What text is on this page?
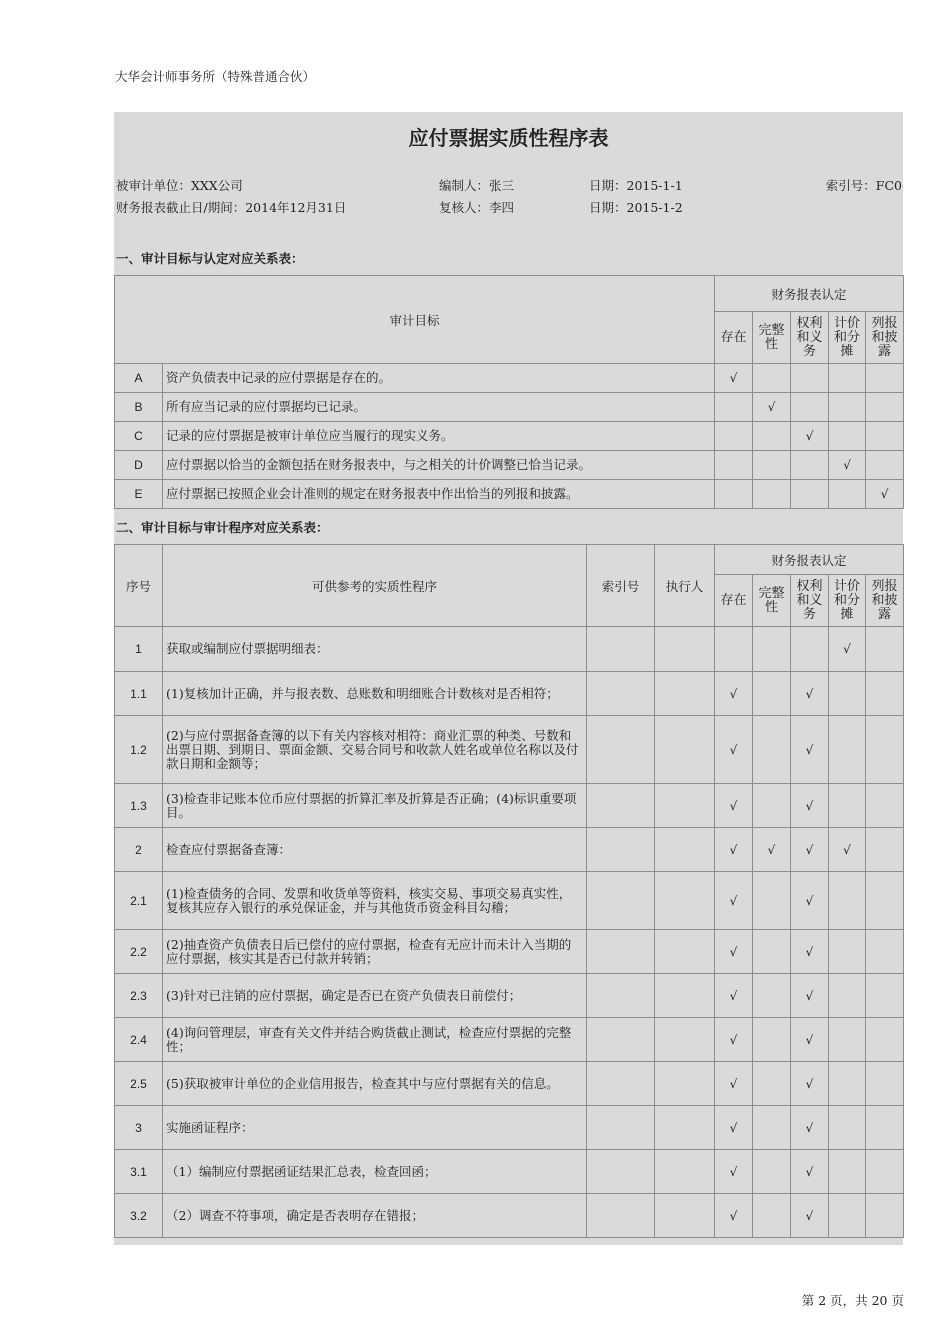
大华会计师事务所（特殊普通合伙）
应付票据实质性程序表
被审计单位：XXX公司
财务报表截止日/期间：2014年12月31日
编制人：张三
复核人：李四
日期：2015-1-1
日期：2015-1-2
索引号：FC0
一、审计目标与认定对应关系表：
审计目标		财务报表认定				
		存在	完整性	权利和义务	计价和分摊	列报和披露
A	资产负债表中记录的应付票据是存在的。	√				
B	所有应当记录的应付票据均已记录。		√			
C	记录的应付票据是被审计单位应当履行的现实义务。			√		
D	应付票据以恰当的金额包括在财务报表中，与之相关的计价调整已恰当记录。				√	
E	应付票据已按照企业会计准则的规定在财务报表中作出恰当的列报和披露。					√
二、审计目标与审计程序对应关系表：
序号	可供参考的实质性程序	索引号	执行人	财务报表认定				
				存在	完整性	权利和义务	计价和分摊	列报和披露
1	获取或编制应付票据明细表：						√	
1.1	(1)复核加计正确，并与报表数、总账数和明细账合计数核对是否相符；			√		√		
1.2	(2)与应付票据备查簿的以下有关内容核对相符：商业汇票的种类、号数和出票日期、到期日、票面金额、交易合同号和收款人姓名或单位名称以及付款日期和金额等；			√		√		
1.3	(3)检查非记账本位币应付票据的折算汇率及折算是否正确；(4)标识重要项目。			√		√		
2	检查应付票据备查簿：			√	√	√	√	
2.1	(1)检查债务的合同、发票和收货单等资料，核实交易、事项交易真实性，复核其应存入银行的承兑保证金，并与其他货币资金科目勾稽；			√		√		
2.2	(2)抽查资产负债表日后已偿付的应付票据，检查有无应计而未计入当期的应付票据，核实其是否已付款并转销；			√		√		
2.3	(3)针对已注销的应付票据，确定是否已在资产负债表日前偿付；			√		√		
2.4	(4)询问管理层，审查有关文件并结合购货截止测试，检查应付票据的完整性；			√		√		
2.5	(5)获取被审计单位的企业信用报告，检查其中与应付票据有关的信息。			√		√		
3	实施函证程序：			√		√		
3.1	（1）编制应付票据函证结果汇总表，检查回函；			√		√		
3.2	（2）调查不符事项，确定是否表明存在错报；			√		√		
第 2 页，共 20 页
